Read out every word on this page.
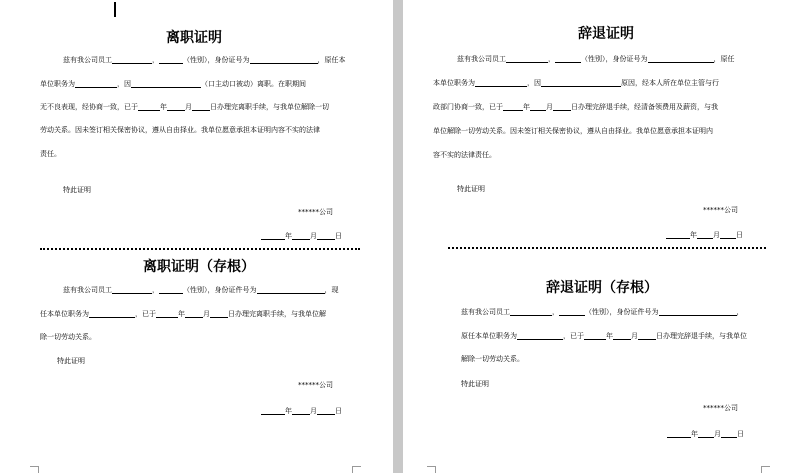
离职证明
兹有我公司员工	，	（性别），身份证号为	，原任本
单位职务为	，因	（口主动口被动）离职。在职期间
无不良表现，经协商一致，已于	年	月	日办理完离职手续，与我单位解除一切
劳动关系。因未签订相关保密协议，遵从自由择业。我单位愿意承担本证明内容不实的法律
责任。
特此证明
******公司
年	月	日
离职证明（存根）
兹有我公司员工	，	（性别），身份证件号为	，现
任本单位职务为	，已于	年	月	日办理完离职手续，与我单位解
除一切劳动关系。
特此证明
******公司
年	月	日
辞退证明
兹有我公司员工	，	（性别），身份证号为	，原任
本单位职务为	，因	原因，经本人所在单位主管与行
政部门协商一致，已于	年 月	日办理完辞退手续，经清备领费用及薪资，与我
单位解除一切劳动关系。因未签订相关保密协议，遵从自由择业。我单位愿意承担本证明内
容不实的法律责任。
特此证明
******公司
年 月 日
辞退证明（存根）
兹有我公司员工	，	（性别），身份证件号为	，
原任本单位职务为	，已于	年	月	日办理完辞退手续，与我单位
解除一切劳动关系。
特此证明
******公司
年 月 日
